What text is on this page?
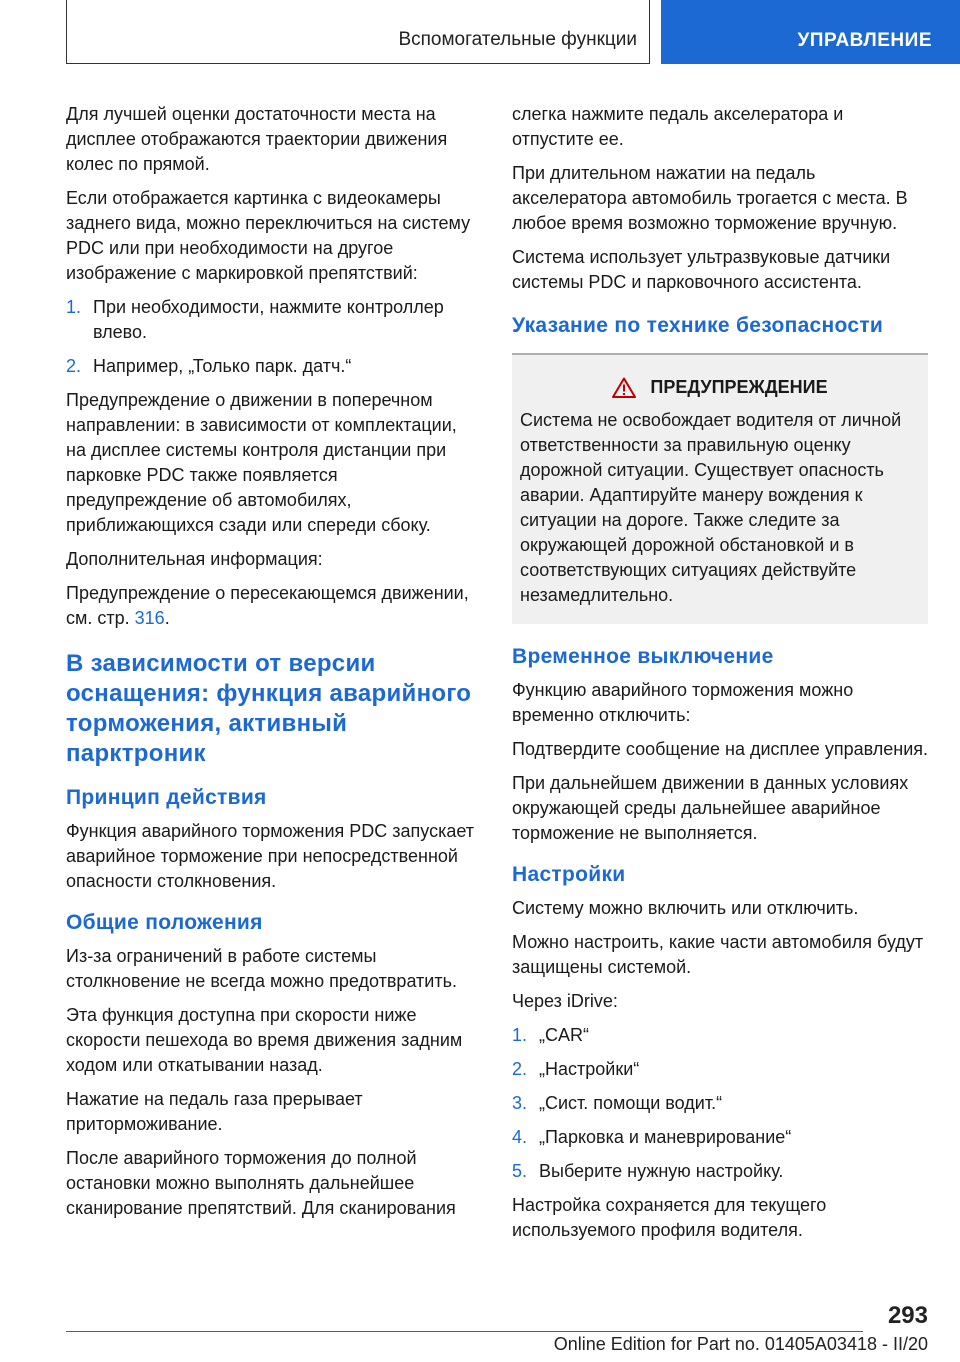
Вспомогательные функции	УПРАВЛЕНИЕ

Для лучшей оценки достаточности места на дисплее отображаются траектории движения колес по прямой.

Если отображается картинка с видеокамеры заднего вида, можно переключиться на систему PDC или при необходимости на другое изображение с маркировкой препятствий:

1. При необходимости, нажмите контроллер влево.
2. Например, „Только парк. датч.“

Предупреждение о движении в поперечном направлении: в зависимости от комплектации, на дисплее системы контроля дистанции при парковке PDC также появляется предупреждение об автомобилях, приближающихся сзади или спереди сбоку.

Дополнительная информация:

Предупреждение о пересекающемся движении, см. стр. 316.

В зависимости от версии оснащения: функция аварийного торможения, активный парктроник
Принцип действия

Функция аварийного торможения PDC запускает аварийное торможение при непосредственной опасности столкновения.

Общие положения

Из-за ограничений в работе системы столкновение не всегда можно предотвратить.

Эта функция доступна при скорости ниже скорости пешехода во время движения задним ходом или откатывании назад.

Нажатие на педаль газа прерывает приторможивание.

После аварийного торможения до полной остановки можно выполнять дальнейшее сканирование препятствий. Для сканирования

слегка нажмите педаль акселератора и отпустите ее.

При длительном нажатии на педаль акселератора автомобиль трогается с места. В любое время возможно торможение вручную.

Система использует ультразвуковые датчики системы PDC и парковочного ассистента.

Указание по технике безопасности
ПРЕДУПРЕЖДЕНИЕ

Система не освобождает водителя от личной ответственности за правильную оценку дорожной ситуации. Существует опасность аварии. Адаптируйте манеру вождения к ситуации на дороге. Также следите за окружающей дорожной обстановкой и в соответствующих ситуациях действуйте незамедлительно.

Временное выключение

Функцию аварийного торможения можно временно отключить:

Подтвердите сообщение на дисплее управления.

При дальнейшем движении в данных условиях окружающей среды дальнейшее аварийное торможение не выполняется.

Настройки

Систему можно включить или отключить.

Можно настроить, какие части автомобиля будут защищены системой.

Через iDrive:

1. „CAR“
2. „Настройки“
3. „Сист. помощи водит.“
4. „Парковка и маневрирование“
5. Выберите нужную настройку.

Настройка сохраняется для текущего используемого профиля водителя.

293
Online Edition for Part no. 01405A03418 - II/20
